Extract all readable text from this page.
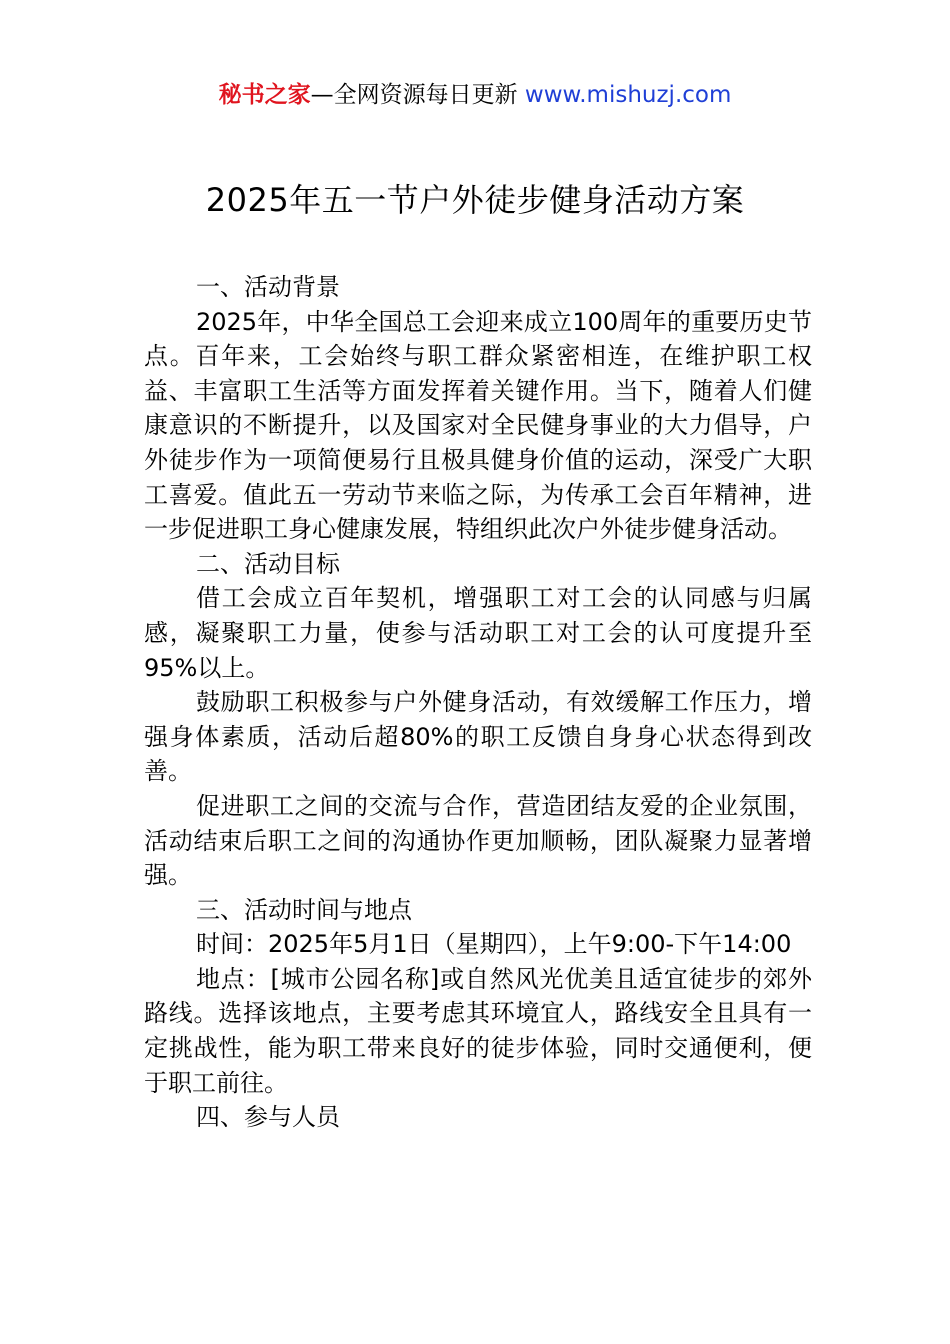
秘书之家—全网资源每日更新 www.mishuzj.com
2025年五一节户外徒步健身活动方案

一、活动背景

2025年，中华全国总工会迎来成立100周年的重要历史节点。百年来，工会始终与职工群众紧密相连，在维护职工权益、丰富职工生活等方面发挥着关键作用。当下，随着人们健康意识的不断提升，以及国家对全民健身事业的大力倡导，户外徒步作为一项简便易行且极具健身价值的运动，深受广大职工喜爱。值此五一劳动节来临之际，为传承工会百年精神，进一步促进职工身心健康发展，特组织此次户外徒步健身活动。

二、活动目标

借工会成立百年契机，增强职工对工会的认同感与归属感，凝聚职工力量，使参与活动职工对工会的认可度提升至95%以上。

鼓励职工积极参与户外健身活动，有效缓解工作压力，增强身体素质，活动后超80%的职工反馈自身身心状态得到改善。

促进职工之间的交流与合作，营造团结友爱的企业氛围，活动结束后职工之间的沟通协作更加顺畅，团队凝聚力显著增强。

三、活动时间与地点

时间：2025年5月1日（星期四），上午9:00-下午14:00

地点：[城市公园名称]或自然风光优美且适宜徒步的郊外路线。选择该地点，主要考虑其环境宜人，路线安全且具有一定挑战性，能为职工带来良好的徒步体验，同时交通便利，便于职工前往。

四、参与人员
